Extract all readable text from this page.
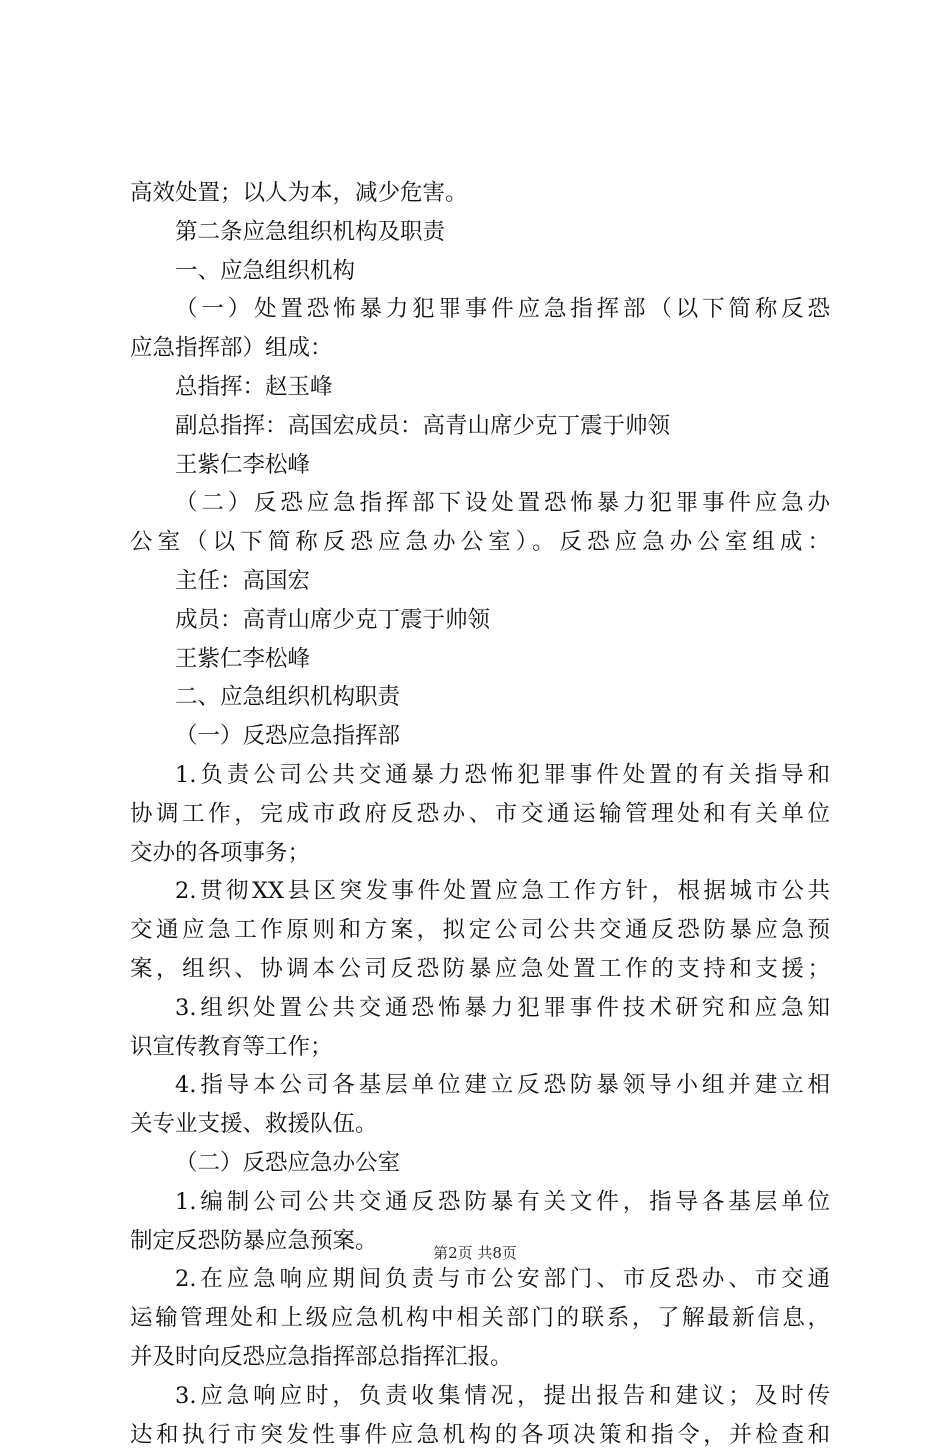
高效处置；以人为本，减少危害。
第二条应急组织机构及职责
一、应急组织机构
（一）处置恐怖暴力犯罪事件应急指挥部（以下简称反恐
应急指挥部）组成：
总指挥：赵玉峰
副总指挥：高国宏成员：高青山席少克丁震于帅领
王紫仁李松峰
（二）反恐应急指挥部下设处置恐怖暴力犯罪事件应急办
公室（以下简称反恐应急办公室）。反恐应急办公室组成：
主任：高国宏
成员：高青山席少克丁震于帅领
王紫仁李松峰
二、应急组织机构职责
（一）反恐应急指挥部
1.负责公司公共交通暴力恐怖犯罪事件处置的有关指导和
协调工作，完成市政府反恐办、市交通运输管理处和有关单位
交办的各项事务；
2.贯彻XX县区突发事件处置应急工作方针，根据城市公共
交通应急工作原则和方案，拟定公司公共交通反恐防暴应急预
案，组织、协调本公司反恐防暴应急处置工作的支持和支援；
3.组织处置公共交通恐怖暴力犯罪事件技术研究和应急知
识宣传教育等工作；
4.指导本公司各基层单位建立反恐防暴领导小组并建立相
关专业支援、救援队伍。
（二）反恐应急办公室
1.编制公司公共交通反恐防暴有关文件，指导各基层单位
制定反恐防暴应急预案。
2.在应急响应期间负责与市公安部门、市反恐办、市交通
运输管理处和上级应急机构中相关部门的联系，了解最新信息，
并及时向反恐应急指挥部总指挥汇报。
3.应急响应时，负责收集情况，提出报告和建议；及时传
达和执行市突发性事件应急机构的各项决策和指令，并检查和
第2页 共8页
